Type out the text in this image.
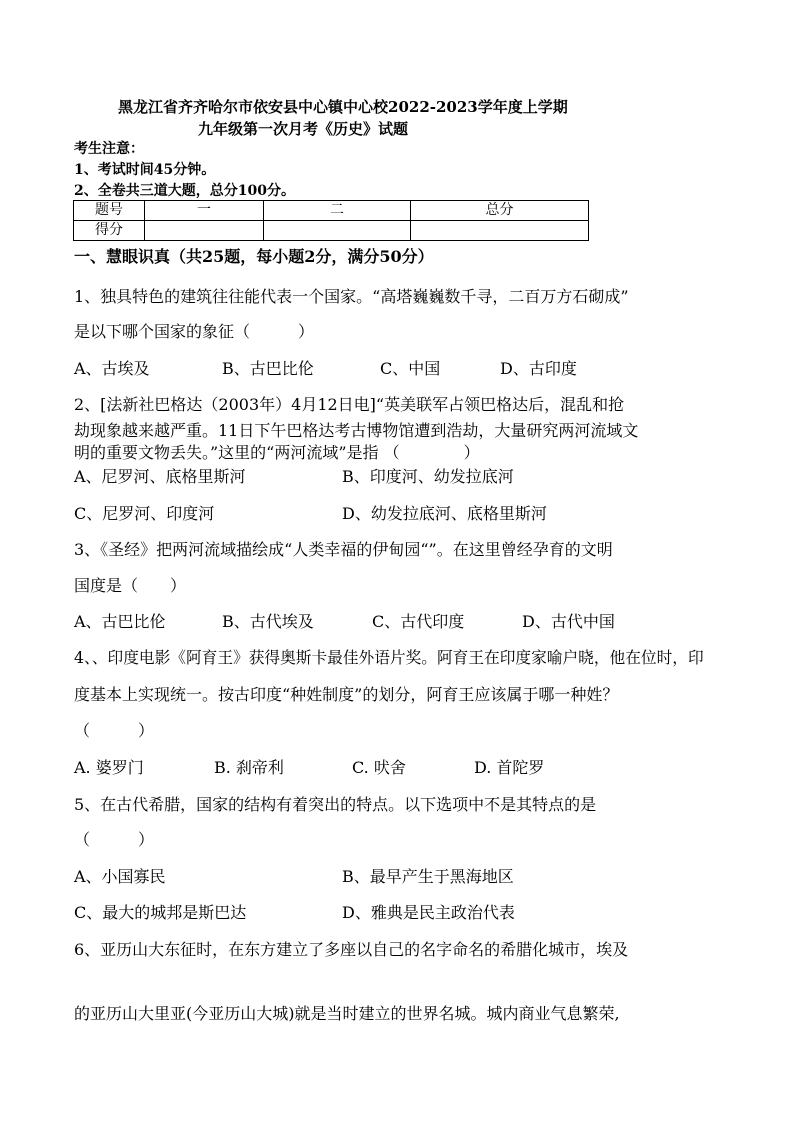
黑龙江省齐齐哈尔市依安县中心镇中心校2022-2023学年度上学期
九年级第一次月考《历史》试题
考生注意：
1、考试时间45分钟。
2、全卷共三道大题，总分100分。
题号	一	二	总分
得分			
一、慧眼识真（共25题，每小题2分，满分50分）
1、独具特色的建筑往往能代表一个国家。“高塔巍巍数千寻，二百万方石砌成”
是以下哪个国家的象征（　　　）
A、古埃及	B、古巴比伦	C、中国	D、古印度
2、[法新社巴格达（2003年）4月12日电]“英美联军占领巴格达后，混乱和抢
劫现象越来越严重。11日下午巴格达考古博物馆遭到浩劫，大量研究两河流域文
明的重要文物丢失。”这里的“两河流域”是指 （　　　　）
A、尼罗河、底格里斯河	B、印度河、幼发拉底河
C、尼罗河、印度河	D、幼发拉底河、底格里斯河
3、《圣经》把两河流域描绘成“人类幸福的伊甸园“”。在这里曾经孕育的文明
国度是（　　）
A、古巴比伦	B、古代埃及	C、古代印度	D、古代中国
4、、印度电影《阿育王》获得奥斯卡最佳外语片奖。阿育王在印度家喻户晓，他在位时，印
度基本上实现统一。按古印度“种姓制度”的划分，阿育王应该属于哪一种姓？
（　　　）
A. 婆罗门	B. 刹帝利	C. 吠舍	D. 首陀罗
5、在古代希腊，国家的结构有着突出的特点。以下选项中不是其特点的是
（　　　）
A、小国寡民	B、最早产生于黑海地区
C、最大的城邦是斯巴达	D、雅典是民主政治代表
6、亚历山大东征时，在东方建立了多座以自己的名字命名的希腊化城市，埃及
的亚历山大里亚(今亚历山大城)就是当时建立的世界名城。城内商业气息繁荣,
